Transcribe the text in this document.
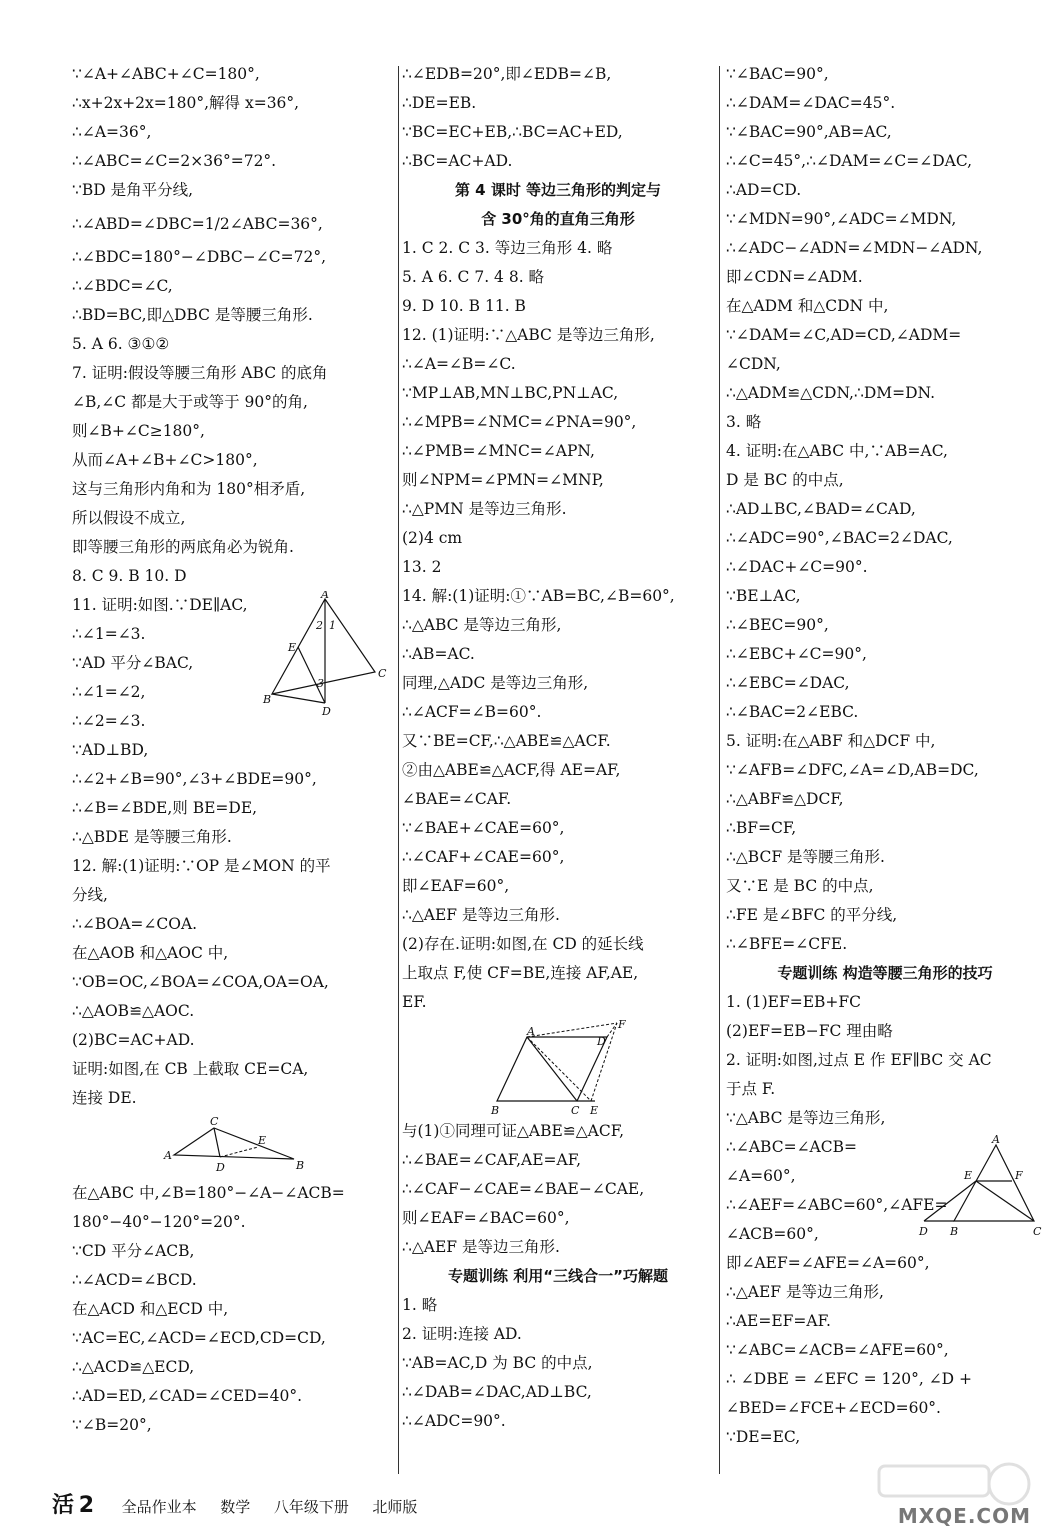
∵∠A+∠ABC+∠C=180°,
∴x+2x+2x=180°,解得 x=36°,
∴∠A=36°,
∴∠ABC=∠C=2×36°=72°.
∵BD 是角平分线,
∴∠ABD=∠DBC=1/2∠ABC=36°,
∴∠BDC=180°−∠DBC−∠C=72°,
∴∠BDC=∠C,
∴BD=BC,即△DBC 是等腰三角形.
5. A 6. ③①②
7. 证明:假设等腰三角形 ABC 的底角
∠B,∠C 都是大于或等于 90°的角,
则∠B+∠C≥180°,
从而∠A+∠B+∠C>180°,
这与三角形内角和为 180°相矛盾,
所以假设不成立,
即等腰三角形的两底角必为锐角.
8. C 9. B 10. D
A
B
C
D
E
1
2
3
11. 证明:如图.∵DE∥AC,
∴∠1=∠3.
∵AD 平分∠BAC,
∴∠1=∠2,
∴∠2=∠3.
∵AD⊥BD,
∴∠2+∠B=90°,∠3+∠BDE=90°,
∴∠B=∠BDE,则 BE=DE,
∴△BDE 是等腰三角形.
12. 解:(1)证明:∵OP 是∠MON 的平
分线,
∴∠BOA=∠COA.
在△AOB 和△AOC 中,
∵OB=OC,∠BOA=∠COA,OA=OA,
∴△AOB≌△AOC.
(2)BC=AC+AD.
证明:如图,在 CB 上截取 CE=CA,
连接 DE.
C
A
B
D
E
在△ABC 中,∠B=180°−∠A−∠ACB=
180°−40°−120°=20°.
∵CD 平分∠ACB,
∴∠ACD=∠BCD.
在△ACD 和△ECD 中,
∵AC=EC,∠ACD=∠ECD,CD=CD,
∴△ACD≌△ECD,
∴AD=ED,∠CAD=∠CED=40°.
∵∠B=20°,
∴∠EDB=20°,即∠EDB=∠B,
∴DE=EB.
∵BC=EC+EB,∴BC=AC+ED,
∴BC=AC+AD.
第 4 课时 等边三角形的判定与
含 30°角的直角三角形
1. C 2. C 3. 等边三角形 4. 略
5. A 6. C 7. 4 8. 略
9. D 10. B 11. B
12. (1)证明:∵△ABC 是等边三角形,
∴∠A=∠B=∠C.
∵MP⊥AB,MN⊥BC,PN⊥AC,
∴∠MPB=∠NMC=∠PNA=90°,
∴∠PMB=∠MNC=∠APN,
则∠NPM=∠PMN=∠MNP,
∴△PMN 是等边三角形.
(2)4 cm
13. 2
14. 解:(1)证明:①∵AB=BC,∠B=60°,
∴△ABC 是等边三角形,
∴AB=AC.
同理,△ADC 是等边三角形,
∴∠ACF=∠B=60°.
又∵BE=CF,∴△ABE≌△ACF.
②由△ABE≌△ACF,得 AE=AF,
∠BAE=∠CAF.
∵∠BAE+∠CAE=60°,
∴∠CAF+∠CAE=60°,
即∠EAF=60°,
∴△AEF 是等边三角形.
(2)存在.证明:如图,在 CD 的延长线
上取点 F,使 CF=BE,连接 AF,AE,
EF.
A
D
F
B	C E
与(1)①同理可证△ABE≌△ACF,
∴∠BAE=∠CAF,AE=AF,
∴∠CAF−∠CAE=∠BAE−∠CAE,
则∠EAF=∠BAC=60°,
∴△AEF 是等边三角形.
专题训练 利用“三线合一”巧解题
1. 略
2. 证明:连接 AD.
∵AB=AC,D 为 BC 的中点,
∴∠DAB=∠DAC,AD⊥BC,
∴∠ADC=90°.
∵∠BAC=90°,
∴∠DAM=∠DAC=45°.
∵∠BAC=90°,AB=AC,
∴∠C=45°,∴∠DAM=∠C=∠DAC,
∴AD=CD.
∵∠MDN=90°,∠ADC=∠MDN,
∴∠ADC−∠ADN=∠MDN−∠ADN,
即∠CDN=∠ADM.
在△ADM 和△CDN 中,
∵∠DAM=∠C,AD=CD,∠ADM=
∠CDN,
∴△ADM≌△CDN,∴DM=DN.
3. 略
4. 证明:在△ABC 中,∵AB=AC,
D 是 BC 的中点,
∴AD⊥BC,∠BAD=∠CAD,
∴∠ADC=90°,∠BAC=2∠DAC,
∴∠DAC+∠C=90°.
∵BE⊥AC,
∴∠BEC=90°,
∴∠EBC+∠C=90°,
∴∠EBC=∠DAC,
∴∠BAC=2∠EBC.
5. 证明:在△ABF 和△DCF 中,
∵∠AFB=∠DFC,∠A=∠D,AB=DC,
∴△ABF≌△DCF,
∴BF=CF,
∴△BCF 是等腰三角形.
又∵E 是 BC 的中点,
∴FE 是∠BFC 的平分线,
∴∠BFE=∠CFE.
专题训练 构造等腰三角形的技巧
1. (1)EF=EB+FC
(2)EF=EB−FC 理由略
2. 证明:如图,过点 E 作 EF∥BC 交 AC
于点 F.
∵△ABC 是等边三角形,
A
E	F
D B	C
∴∠ABC=∠ACB=
∠A=60°,
∴∠AEF=∠ABC=60°,∠AFE=
∠ACB=60°,
即∠AEF=∠AFE=∠A=60°,
∴△AEF 是等边三角形,
∴AE=EF=AF.
∵∠ABC=∠ACB=∠AFE=60°,
∴ ∠DBE = ∠EFC = 120°, ∠D +
∠BED=∠FCE+∠ECD=60°.
∵DE=EC,
活 2 全品作业本 数学 八年级下册 北师版	MXQE.COM
